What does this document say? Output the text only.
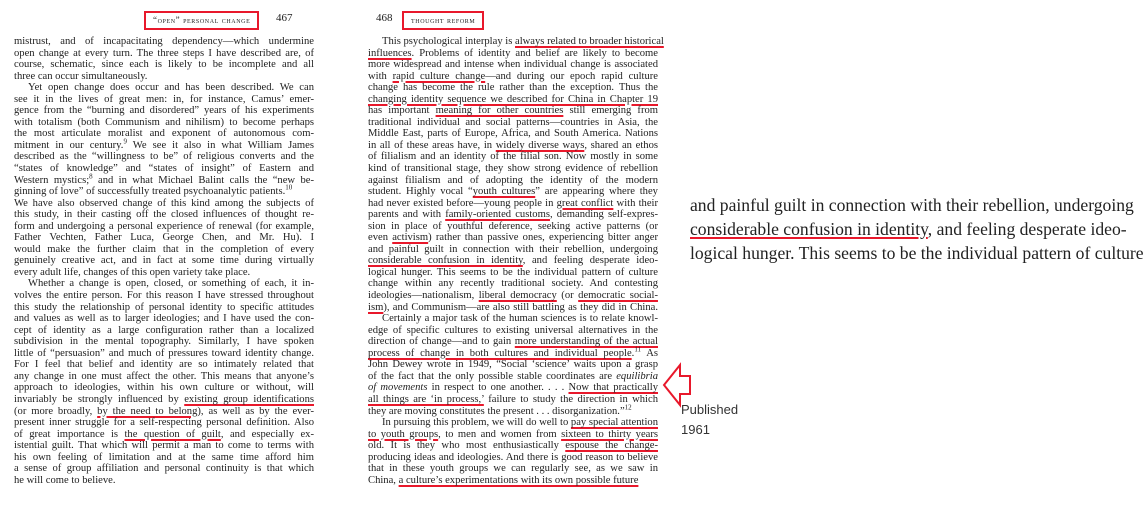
“open” personal change	467
mistrust, and of incapacitating dependency—which undermine
open change at every turn. The three steps I have described are, of
course, schematic, since each is likely to be incomplete and all
three can occur simultaneously.
Yet open change does occur and has been described. We can
see it in the lives of great men: in, for instance, Camus’ emer-
gence from the “burning and disordered” years of his experiments
with totalism (both Communism and nihilism) to become perhaps
the most articulate moralist and exponent of autonomous com-
mitment in our century.$^9$ We see it also in what William James
described as the “willingness to be” of religious converts and the
“states of knowledge” and “states of insight” of Eastern and
Western mystics;$^8$ and in what Michael Balint calls the “new be-
ginning of love” of successfully treated psychoanalytic patients.$^{10}$
We have also observed change of this kind among the subjects of
this study, in their casting off the closed influences of thought re-
form and undergoing a personal experience of renewal (for example,
Father Vechten, Father Luca, George Chen, and Mr. Hu). I
would make the further claim that in the completion of every
genuinely creative act, and in fact at some time during virtually
every adult life, changes of this open variety take place.
Whether a change is open, closed, or something of each, it in-
volves the entire person. For this reason I have stressed throughout
this study the relationship of personal identity to specific attitudes
and values as well as to larger ideologies; and I have used the con-
cept of identity as a large configuration rather than a localized
subdivision in the mental topography. Similarly, I have spoken
little of “persuasion” and much of pressures toward identity change.
For I feel that belief and identity are so intimately related that
any change in one must affect the other. This means that anyone’s
approach to ideologies, within his own culture or without, will
invariably be strongly influenced by existing group identifications
(or more broadly, by the need to belong), as well as by the ever-
present inner struggle for a self-respecting personal definition. Also
of great importance is the question of guilt, and especially ex-
istential guilt. That which will permit a man to come to terms with
his own feeling of limitation and at the same time afford him
a sense of group affiliation and personal continuity is that which
he will come to believe.
468	thought reform
This psychological interplay is always related to broader historical
influences. Problems of identity and belief are likely to become
more widespread and intense when individual change is associated
with rapid culture change—and during our epoch rapid culture
change has become the rule rather than the exception. Thus the
changing identity sequence we described for China in Chapter 19
has important meaning for other countries still emerging from
traditional individual and social patterns—countries in Asia, the
Middle East, parts of Europe, Africa, and South America. Nations
in all of these areas have, in widely diverse ways, shared an ethos
of filialism and an identity of the filial son. Now mostly in some
kind of transitional stage, they show strong evidence of rebellion
against filialism and of adopting the identity of the modern
student. Highly vocal “youth cultures” are appearing where they
had never existed before—young people in great conflict with their
parents and with family-oriented customs, demanding self-expres-
sion in place of youthful deference, seeking active patterns (or
even activism) rather than passive ones, experiencing bitter anger
and painful guilt in connection with their rebellion, undergoing
considerable confusion in identity, and feeling desperate ideo-
logical hunger. This seems to be the individual pattern of culture
change within any recently traditional society. And contesting
ideologies—nationalism, liberal democracy (or democratic social-
ism), and Communism—are also still battling as they did in China.
Certainly a major task of the human sciences is to relate knowl-
edge of specific cultures to existing universal alternatives in the
direction of change—and to gain more understanding of the actual
process of change in both cultures and individual people.$^{11}$ As
John Dewey wrote in 1949, “Social ‘science’ waits upon a grasp
of the fact that the only possible stable coordinates are equilibria
of movements in respect to one another. . . . Now that practically
all things are ‘in process,’ failure to study the direction in which
they are moving constitutes the present . . . disorganization.”$^{12}$
In pursuing this problem, we will do well to pay special attention
to youth groups, to men and women from sixteen to thirty years
old. It is they who most enthusiastically espouse the change-
producing ideas and ideologies. And there is good reason to believe
that in these youth groups we can regularly see, as we saw in
China, a culture’s experimentations with its own possible future
and painful guilt in connection with their rebellion, undergoing
considerable confusion in identity, and feeling desperate ideo-
logical hunger. This seems to be the individual pattern of culture
Published
1961
